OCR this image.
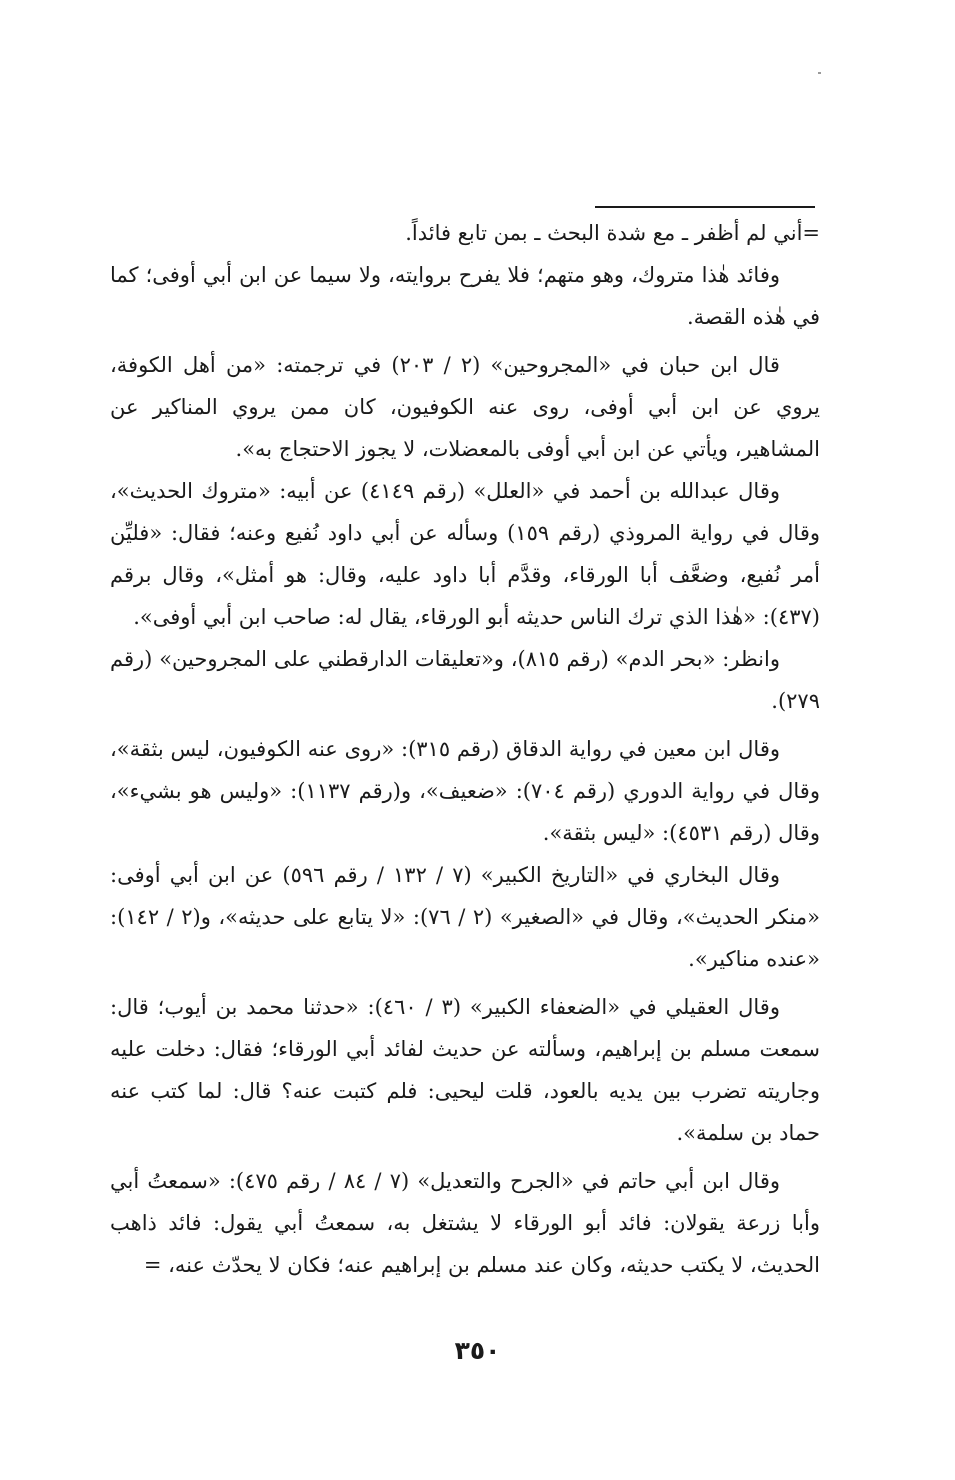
=أني لم أظفر ـ مع شدة البحث ـ بمن تابع فائداً.

وفائد هٰذا متروك، وهو متهم؛ فلا يفرح بروايته، ولا سيما عن ابن أبي أوفى؛ كما في هٰذه القصة.

قال ابن حبان في «المجروحين» (٢ / ٢٠٣) في ترجمته: «من أهل الكوفة، يروي عن ابن أبي أوفى، روى عنه الكوفيون، كان ممن يروي المناكير عن المشاهير، ويأتي عن ابن أبي أوفى بالمعضلات، لا يجوز الاحتجاج به».

وقال عبدالله بن أحمد في «العلل» (رقم ٤١٤٩) عن أبيه: «متروك الحديث»، وقال في رواية المروذي (رقم ١٥٩) وسأله عن أبي داود نُفيع وعنه؛ فقال: «فليِّن أمر نُفيع، وضعَّف أبا الورقاء، وقدَّم أبا داود عليه، وقال: هو أمثل»، وقال برقم (٤٣٧): «هٰذا الذي ترك الناس حديثه أبو الورقاء، يقال له: صاحب ابن أبي أوفى».

وانظر: «بحر الدم» (رقم ٨١٥)، و«تعليقات الدارقطني على المجروحين» (رقم ٢٧٩).

وقال ابن معين في رواية الدقاق (رقم ٣١٥): «روى عنه الكوفيون، ليس بثقة»، وقال في رواية الدوري (رقم ٧٠٤): «ضعيف»، و(رقم ١١٣٧): «وليس هو بشيء»، وقال (رقم ٤٥٣١): «ليس بثقة».

وقال البخاري في «التاريخ الكبير» (٧ / ١٣٢ / رقم ٥٩٦) عن ابن أبي أوفى: «منكر الحديث»، وقال في «الصغير» (٢ / ٧٦): «لا يتابع على حديثه»، و(٢ / ١٤٢): «عنده مناكير».

وقال العقيلي في «الضعفاء الكبير» (٣ / ٤٦٠): «حدثنا محمد بن أيوب؛ قال: سمعت مسلم بن إبراهيم، وسألته عن حديث لفائد أبي الورقاء؛ فقال: دخلت عليه وجاريته تضرب بين يديه بالعود، قلت ليحيى: فلم كتبت عنه؟ قال: لما كتب عنه حماد بن سلمة».

وقال ابن أبي حاتم في «الجرح والتعديل» (٧ / ٨٤ / رقم ٤٧٥): «سمعتُ أبي وأبا زرعة يقولان: فائد أبو الورقاء لا يشتغل به، سمعتُ أبي يقول: فائد ذاهب الحديث، لا يكتب حديثه، وكان عند مسلم بن إبراهيم عنه؛ فكان لا يحدّث عنه، =

٣٥٠
